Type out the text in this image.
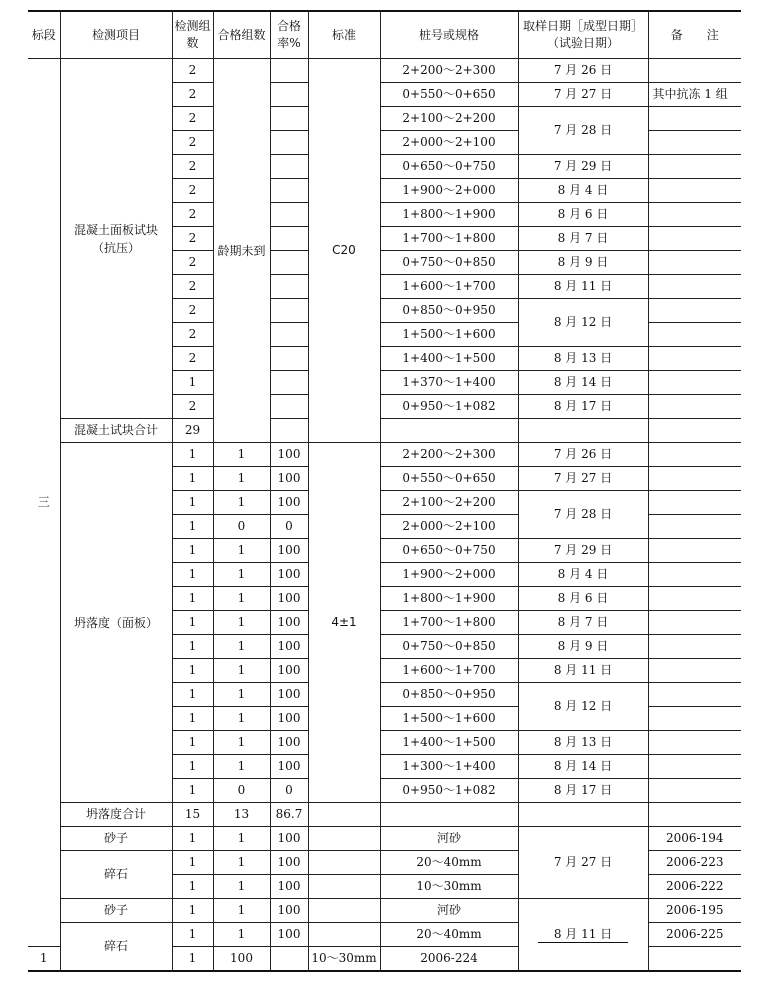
标段	检测项目	检测组数	合格组数	合格率%	标准	桩号或规格	取样日期［成型日期］（试验日期）	备　　注
三	混凝土面板试块（抗压）	2	龄期未到		C20	2+200～2+300	7 月 26 日	
		2				0+550～0+650	7 月 27 日	其中抗冻 1 组
		2				2+100～2+200	7 月 28 日	
		2				2+000～2+100		
		2				0+650～0+750	7 月 29 日	
		2				1+900～2+000	8 月 4 日	
		2				1+800～1+900	8 月 6 日	
		2				1+700～1+800	8 月 7 日	
		2				0+750～0+850	8 月 9 日	
		2				1+600～1+700	8 月 11 日	
		2				0+850～0+950	8 月 12 日	
		2				1+500～1+600		
		2				1+400～1+500	8 月 13 日	
		1				1+370～1+400	8 月 14 日	
		2				0+950～1+082	8 月 17 日	
	混凝土试块合计	29						
	坍落度（面板）	1	1	100	4±1	2+200～2+300	7 月 26 日	
		1	1	100		0+550～0+650	7 月 27 日	
		1	1	100		2+100～2+200	7 月 28 日	
		1	0	0		2+000～2+100		
		1	1	100		0+650～0+750	7 月 29 日	
		1	1	100		1+900～2+000	8 月 4 日	
		1	1	100		1+800～1+900	8 月 6 日	
		1	1	100		1+700～1+800	8 月 7 日	
		1	1	100		0+750～0+850	8 月 9 日	
		1	1	100		1+600～1+700	8 月 11 日	
		1	1	100		0+850～0+950	8 月 12 日	
		1	1	100		1+500～1+600		
		1	1	100		1+400～1+500	8 月 13 日	
		1	1	100		1+300～1+400	8 月 14 日	
		1	0	0		0+950～1+082	8 月 17 日	
	坍落度合计	15	13	86.7				
	砂子	1	1	100		河砂	7 月 27 日	2006-194
	碎石	1	1	100		20～40mm		2006-223
		1	1	100		10～30mm		2006-222
	砂子	1	1	100		河砂	8 月 11 日	2006-195
	碎石	1	1	100		20～40mm		2006-225
1		1	100		10～30mm	2006-224		
